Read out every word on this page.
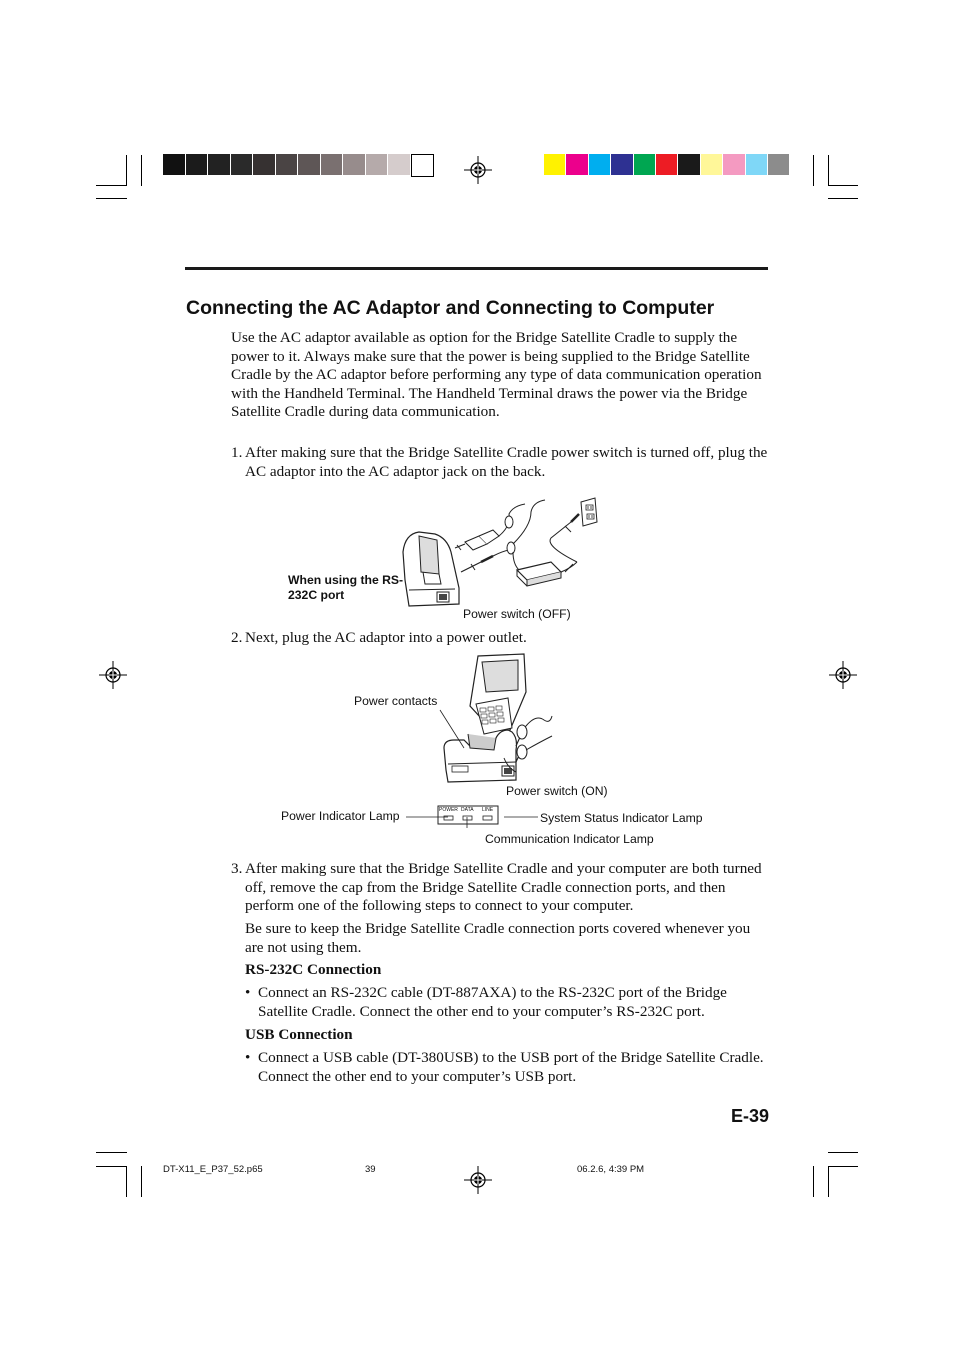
Connecting the AC Adaptor and Connecting to Computer
Use the AC adaptor available as option for the Bridge Satellite Cradle to supply the power to it. Always make sure that the power is being supplied to the Bridge Satellite Cradle by the AC adaptor before performing any type of data communication operation with the Handheld Terminal. The Handheld Terminal draws the power via the Bridge Satellite Cradle during data communication.
1. After making sure that the Bridge Satellite Cradle power switch is turned off, plug the AC adaptor into the AC adaptor jack on the back.
When using the RS-232C port
Power switch (OFF)
2. Next, plug the AC adaptor into a power outlet.
POWER DATA LINE
Power contacts
Power switch (ON)
Power Indicator Lamp	System Status Indicator Lamp
Communication Indicator Lamp
3. After making sure that the Bridge Satellite Cradle and your computer are both turned off, remove the cap from the Bridge Satellite Cradle connection ports, and then perform one of the following steps to connect to your computer.
Be sure to keep the Bridge Satellite Cradle connection ports covered whenever you are not using them.
RS-232C Connection
• Connect an RS-232C cable (DT-887AXA) to the RS-232C port of the Bridge Satellite Cradle. Connect the other end to your computer’s RS-232C port.
USB Connection
• Connect a USB cable (DT-380USB) to the USB port of the Bridge Satellite Cradle. Connect the other end to your computer’s USB port.
E-39
DT-X11_E_P37_52.p65	39	06.2.6, 4:39 PM
